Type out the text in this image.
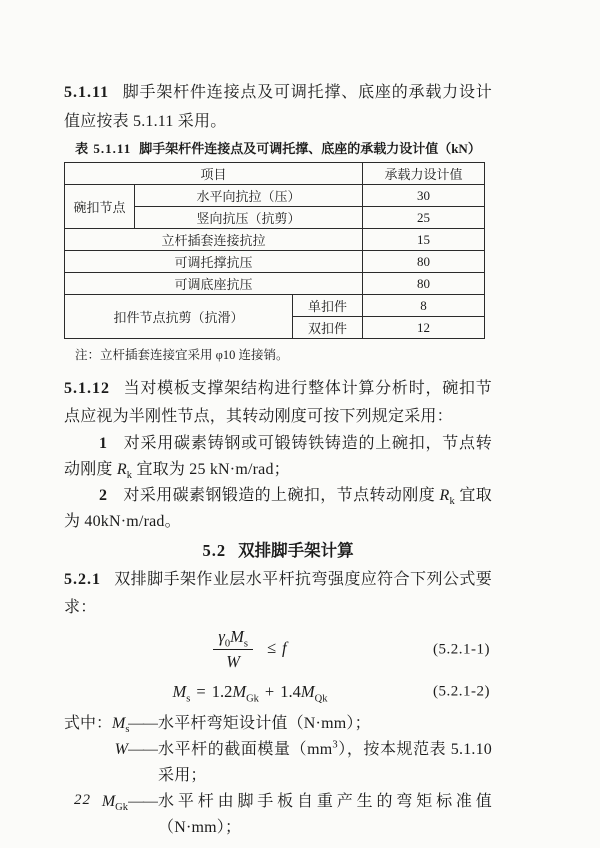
5.1.11 脚手架杆件连接点及可调托撑、底座的承载力设计值应按表 5.1.11 采用。

表 5.1.11 脚手架杆件连接点及可调托撑、底座的承载力设计值（kN）
项目			承载力设计值
碗扣节点	水平向抗拉（压）		30
	竖向抗压（抗剪）		25
立杆插套连接抗拉			15
可调托撑抗压			80
可调底座抗压			80
扣件节点抗剪（抗滑）		单扣件	8
		双扣件	12
注：立杆插套连接宜采用 φ10 连接销。

5.1.12 当对模板支撑架结构进行整体计算分析时，碗扣节点应视为半刚性节点，其转动刚度可按下列规定采用：

1 对采用碳素铸钢或可锻铸铁铸造的上碗扣，节点转动刚度 $R_k$ 宜取为 25 kN·m/rad；

2 对采用碳素钢锻造的上碗扣，节点转动刚度 $R_k$ 宜取为 40kN·m/rad。

5.2 双排脚手架计算

5.2.1 双排脚手架作业层水平杆抗弯强度应符合下列公式要求：

$\frac{\gamma_0M_s}{W} \le f$	(5.2.1-1)
$M_s = 1.2M_{Gk} + 1.4M_{Qk}$	(5.2.1-2)
式中：$M_s$
—— 水平杆弯矩设计值（N·mm）；
W —— 水平杆的截面模量$(mm^3)$，按本规范表 5.1.10 采用；
$M_{Gk}$ —— 水平杆由脚手板自重产生的弯矩标准值（N·mm）；
22
